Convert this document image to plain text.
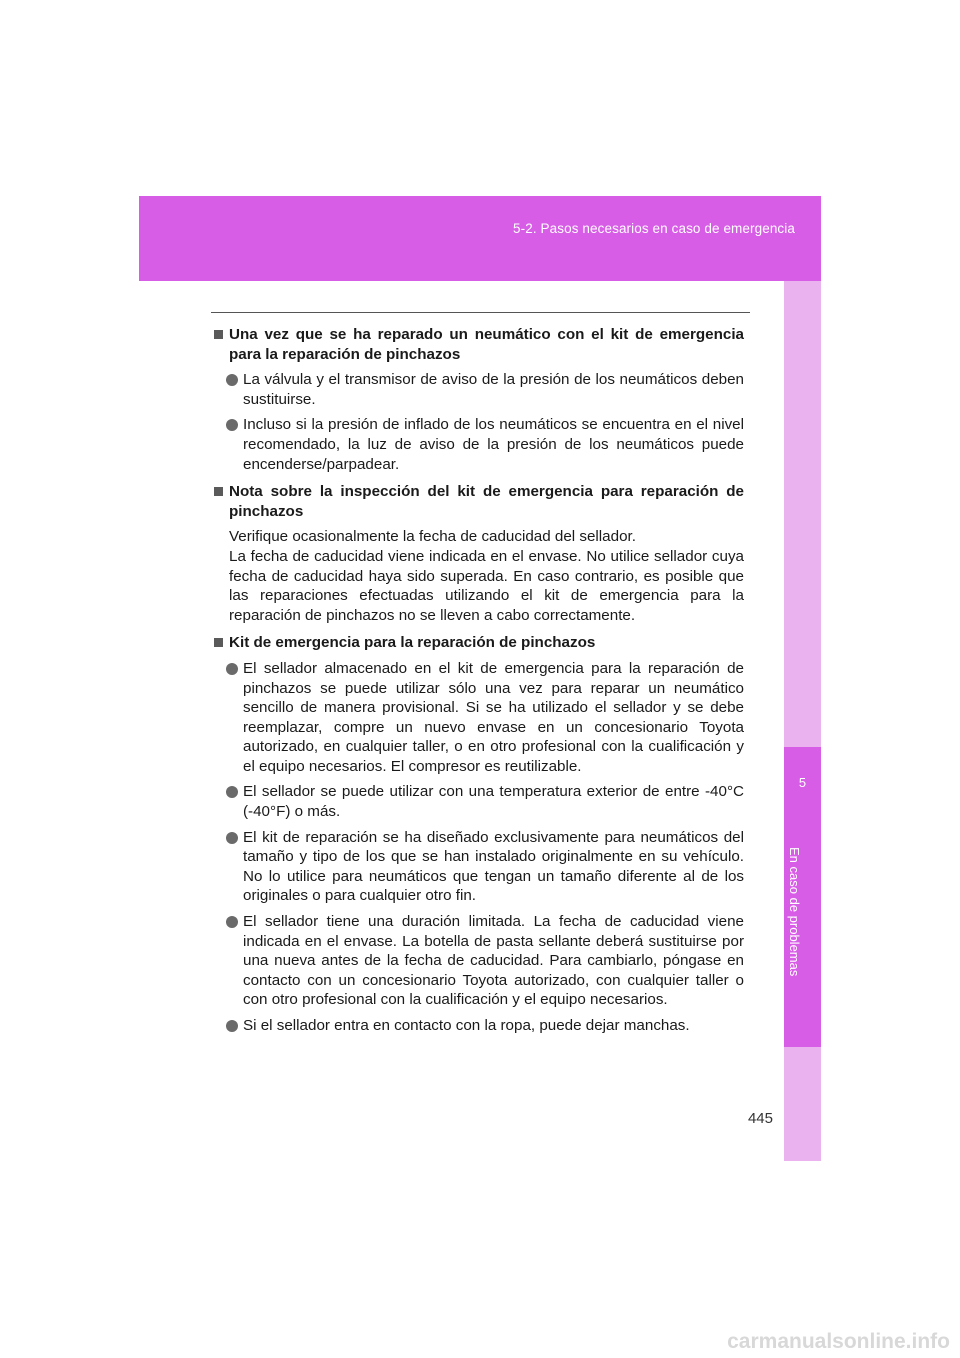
5-2. Pasos necesarios en caso de emergencia
5
En caso de problemas
Una vez que se ha reparado un neumático con el kit de emergencia para la reparación de pinchazos
La válvula y el transmisor de aviso de la presión de los neumáticos deben sustituirse.
Incluso si la presión de inflado de los neumáticos se encuentra en el nivel recomendado, la luz de aviso de la presión de los neumáticos puede encenderse/parpadear.
Nota sobre la inspección del kit de emergencia para reparación de pinchazos
Verifique ocasionalmente la fecha de caducidad del sellador.
La fecha de caducidad viene indicada en el envase. No utilice sellador cuya fecha de caducidad haya sido superada. En caso contrario, es posible que las reparaciones efectuadas utilizando el kit de emergencia para la reparación de pinchazos no se lleven a cabo correctamente.
Kit de emergencia para la reparación de pinchazos
El sellador almacenado en el kit de emergencia para la reparación de pinchazos se puede utilizar sólo una vez para reparar un neumático sencillo de manera provisional. Si se ha utilizado el sellador y se debe reemplazar, compre un nuevo envase en un concesionario Toyota autorizado, en cualquier taller, o en otro profesional con la cualificación y el equipo necesarios. El compresor es reutilizable.
El sellador se puede utilizar con una temperatura exterior de entre -40°C (-40°F) o más.
El kit de reparación se ha diseñado exclusivamente para neumáticos del tamaño y tipo de los que se han instalado originalmente en su vehículo. No lo utilice para neumáticos que tengan un tamaño diferente al de los originales o para cualquier otro fin.
El sellador tiene una duración limitada. La fecha de caducidad viene indicada en el envase. La botella de pasta sellante deberá sustituirse por una nueva antes de la fecha de caducidad. Para cambiarlo, póngase en contacto con un concesionario Toyota autorizado, con cualquier taller o con otro profesional con la cualificación y el equipo necesarios.
Si el sellador entra en contacto con la ropa, puede dejar manchas.
445
carmanualsonline.info
